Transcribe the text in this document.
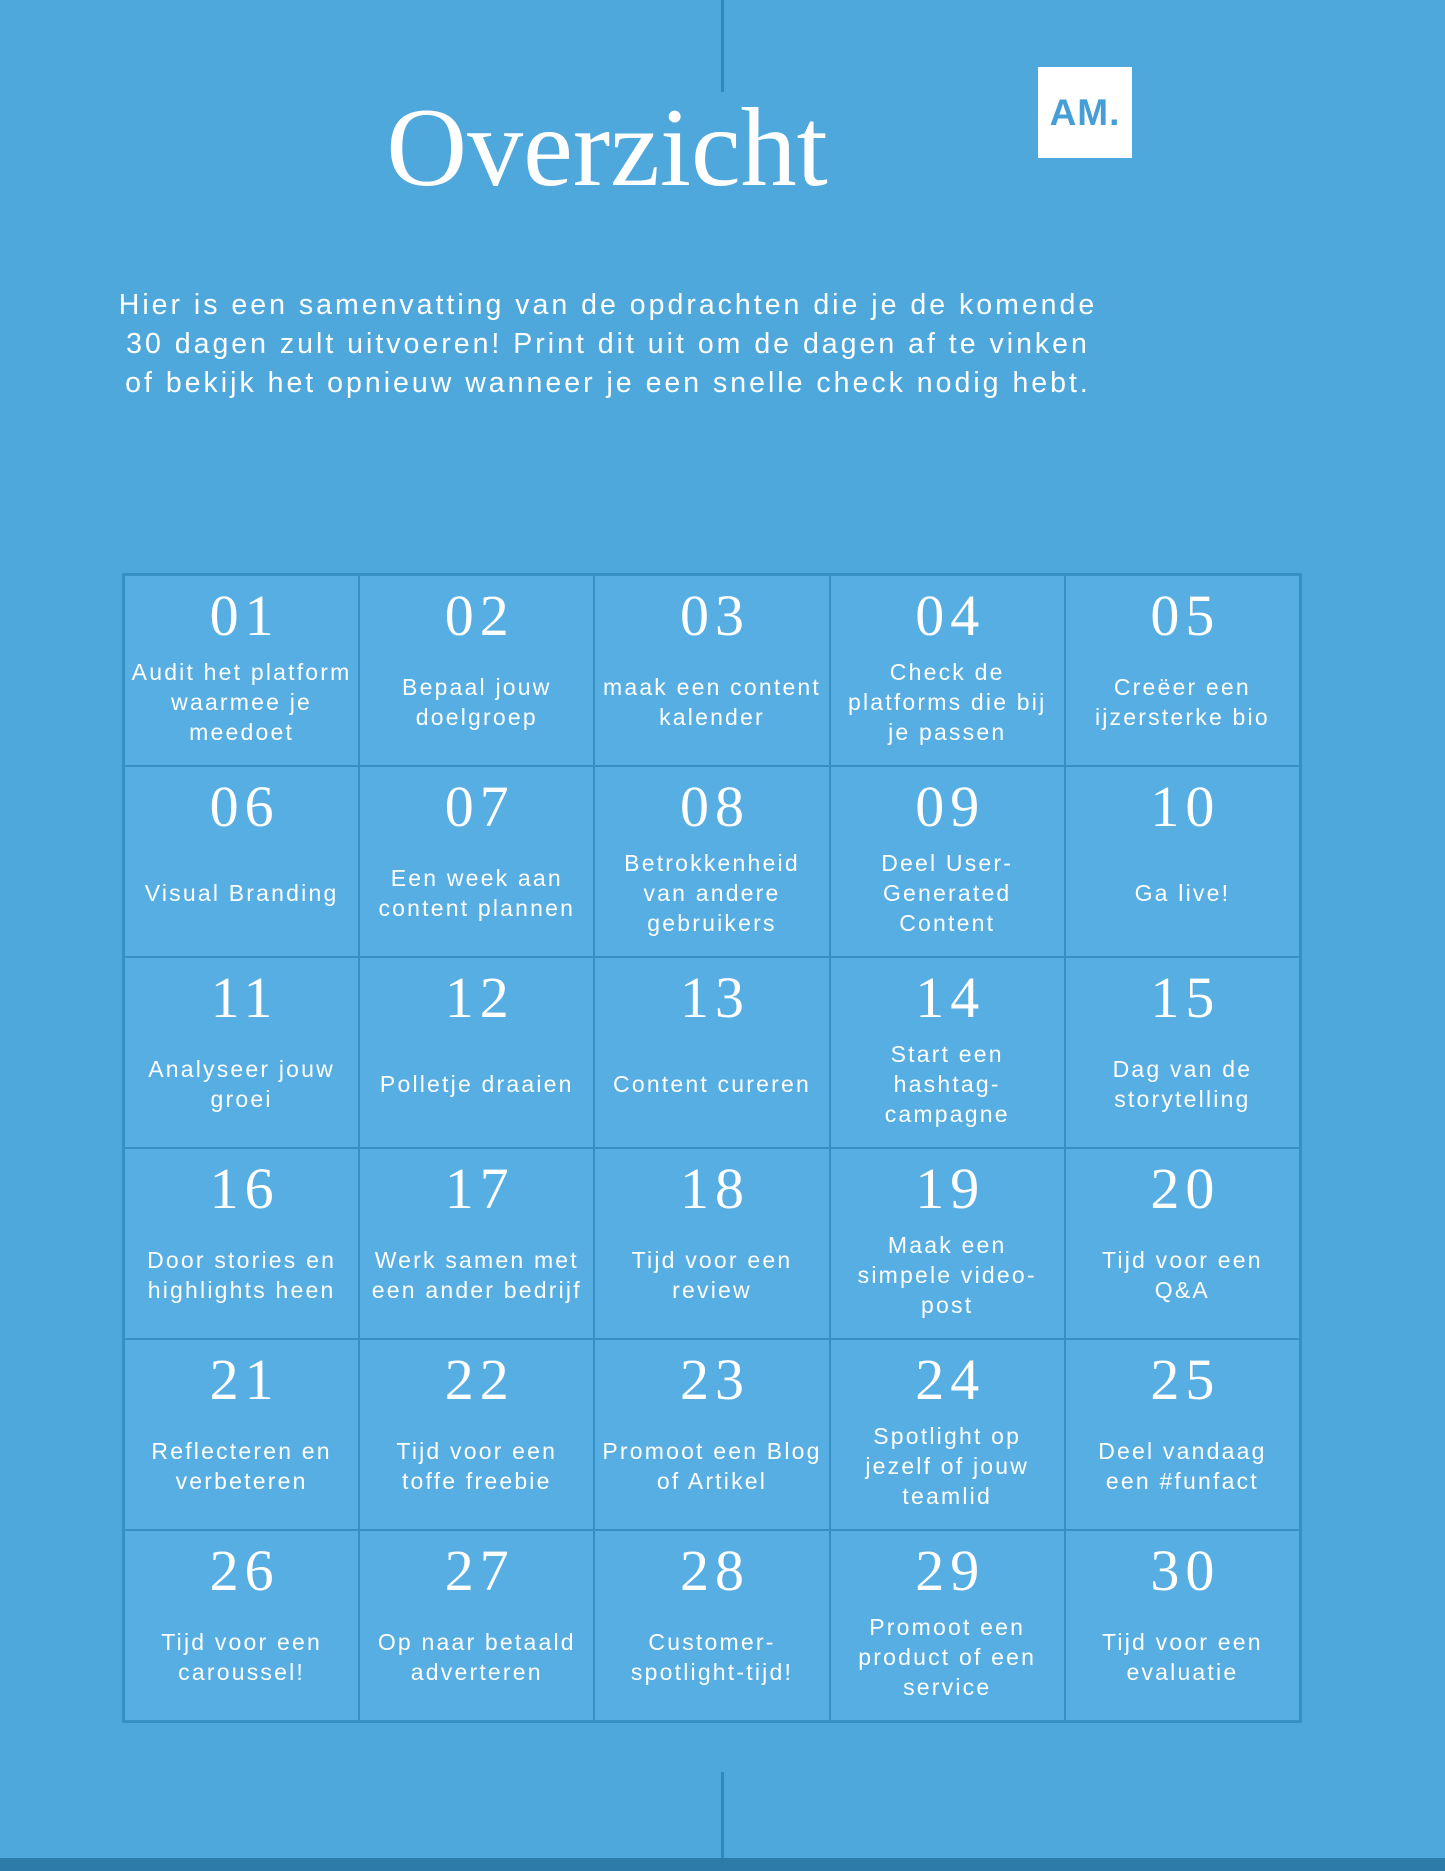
AM.
Overzicht

Hier is een samenvatting van de opdrachten die je de komende 30 dagen zult uitvoeren! Print dit uit om de dagen af te vinken of bekijk het opnieuw wanneer je een snelle check nodig hebt.

01
Audit het platform waarmee je meedoet
02
Bepaal jouw doelgroep
03
maak een content kalender
04
Check de platforms die bij je passen
05
Creëer een ijzersterke bio
06
Visual Branding
07
Een week aan content plannen
08
Betrokkenheid van andere gebruikers
09
Deel User-Generated Content
10
Ga live!
11
Analyseer jouw groei
12
Polletje draaien
13
Content cureren
14
Start een hashtag-campagne
15
Dag van de storytelling
16
Door stories en highlights heen
17
Werk samen met een ander bedrijf
18
Tijd voor een review
19
Maak een simpele video-post
20
Tijd voor een Q&A
21
Reflecteren en verbeteren
22
Tijd voor een toffe freebie
23
Promoot een Blog of Artikel
24
Spotlight op jezelf of jouw teamlid
25
Deel vandaag een #funfact
26
Tijd voor een caroussel!
27
Op naar betaald adverteren
28
Customer-spotlight-tijd!
29
Promoot een product of een service
30
Tijd voor een evaluatie
